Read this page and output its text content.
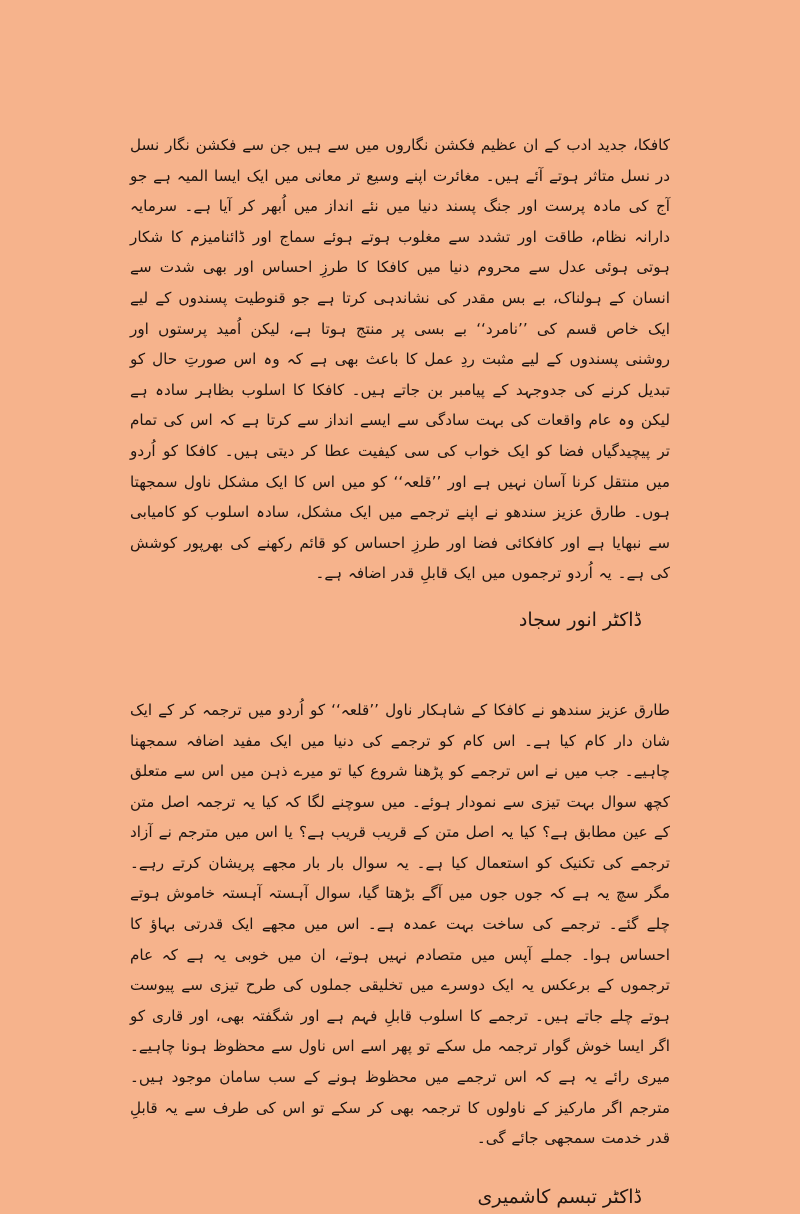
کافکا، جدید ادب کے ان عظیم فکشن نگاروں میں سے ہیں جن سے فکشن نگار نسل در نسل متاثر ہوتے آئے ہیں۔ مغائرت اپنے وسیع تر معانی میں ایک ایسا المیہ ہے جو آج کی مادہ پرست اور جنگ پسند دنیا میں نئے انداز میں اُبھر کر آیا ہے۔ سرمایہ دارانہ نظام، طاقت اور تشدد سے مغلوب ہوتے ہوئے سماج اور ڈائنامیزم کا شکار ہوتی ہوئی عدل سے محروم دنیا میں کافکا کا طرزِ احساس اور بھی شدت سے انسان کے ہولناک، بے بس مقدر کی نشاندہی کرتا ہے جو قنوطیت پسندوں کے لیے ایک خاص قسم کی ’’نامرد‘‘ بے بسی پر منتج ہوتا ہے، لیکن اُمید پرستوں اور روشنی پسندوں کے لیے مثبت ردِ عمل کا باعث بھی ہے کہ وہ اس صورتِ حال کو تبدیل کرنے کی جدوجہد کے پیامبر بن جاتے ہیں۔ کافکا کا اسلوب بظاہر سادہ ہے لیکن وہ عام واقعات کی بہت سادگی سے ایسے انداز سے کرتا ہے کہ اس کی تمام تر پیچیدگیاں فضا کو ایک خواب کی سی کیفیت عطا کر دیتی ہیں۔ کافکا کو اُردو میں منتقل کرنا آسان نہیں ہے اور ’’قلعہ‘‘ کو میں اس کا ایک مشکل ناول سمجھتا ہوں۔ طارق عزیز سندھو نے اپنے ترجمے میں ایک مشکل، سادہ اسلوب کو کامیابی سے نبھایا ہے اور کافکائی فضا اور طرزِ احساس کو قائم رکھنے کی بھرپور کوشش کی ہے۔ یہ اُردو ترجموں میں ایک قابلِ قدر اضافہ ہے۔

ڈاکٹر انور سجاد

طارق عزیز سندھو نے کافکا کے شاہکار ناول ’’قلعہ‘‘ کو اُردو میں ترجمہ کر کے ایک شان دار کام کیا ہے۔ اس کام کو ترجمے کی دنیا میں ایک مفید اضافہ سمجھنا چاہیے۔ جب میں نے اس ترجمے کو پڑھنا شروع کیا تو میرے ذہن میں اس سے متعلق کچھ سوال بہت تیزی سے نمودار ہوئے۔ میں سوچنے لگا کہ کیا یہ ترجمہ اصل متن کے عین مطابق ہے؟ کیا یہ اصل متن کے قریب قریب ہے؟ یا اس میں مترجم نے آزاد ترجمے کی تکنیک کو استعمال کیا ہے۔ یہ سوال بار بار مجھے پریشان کرتے رہے۔ مگر سچ یہ ہے کہ جوں جوں میں آگے بڑھتا گیا، سوال آہستہ آہستہ خاموش ہوتے چلے گئے۔ ترجمے کی ساخت بہت عمدہ ہے۔ اس میں مجھے ایک قدرتی بہاؤ کا احساس ہوا۔ جملے آپس میں متصادم نہیں ہوتے، ان میں خوبی یہ ہے کہ عام ترجموں کے برعکس یہ ایک دوسرے میں تخلیقی جملوں کی طرح تیزی سے پیوست ہوتے چلے جاتے ہیں۔ ترجمے کا اسلوب قابلِ فہم ہے اور شگفتہ بھی، اور قاری کو اگر ایسا خوش گوار ترجمہ مل سکے تو پھر اسے اس ناول سے محظوظ ہونا چاہیے۔ میری رائے یہ ہے کہ اس ترجمے میں محظوظ ہونے کے سب سامان موجود ہیں۔ مترجم اگر مارکیز کے ناولوں کا ترجمہ بھی کر سکے تو اس کی طرف سے یہ قابلِ قدر خدمت سمجھی جائے گی۔

ڈاکٹر تبسم کاشمیری
